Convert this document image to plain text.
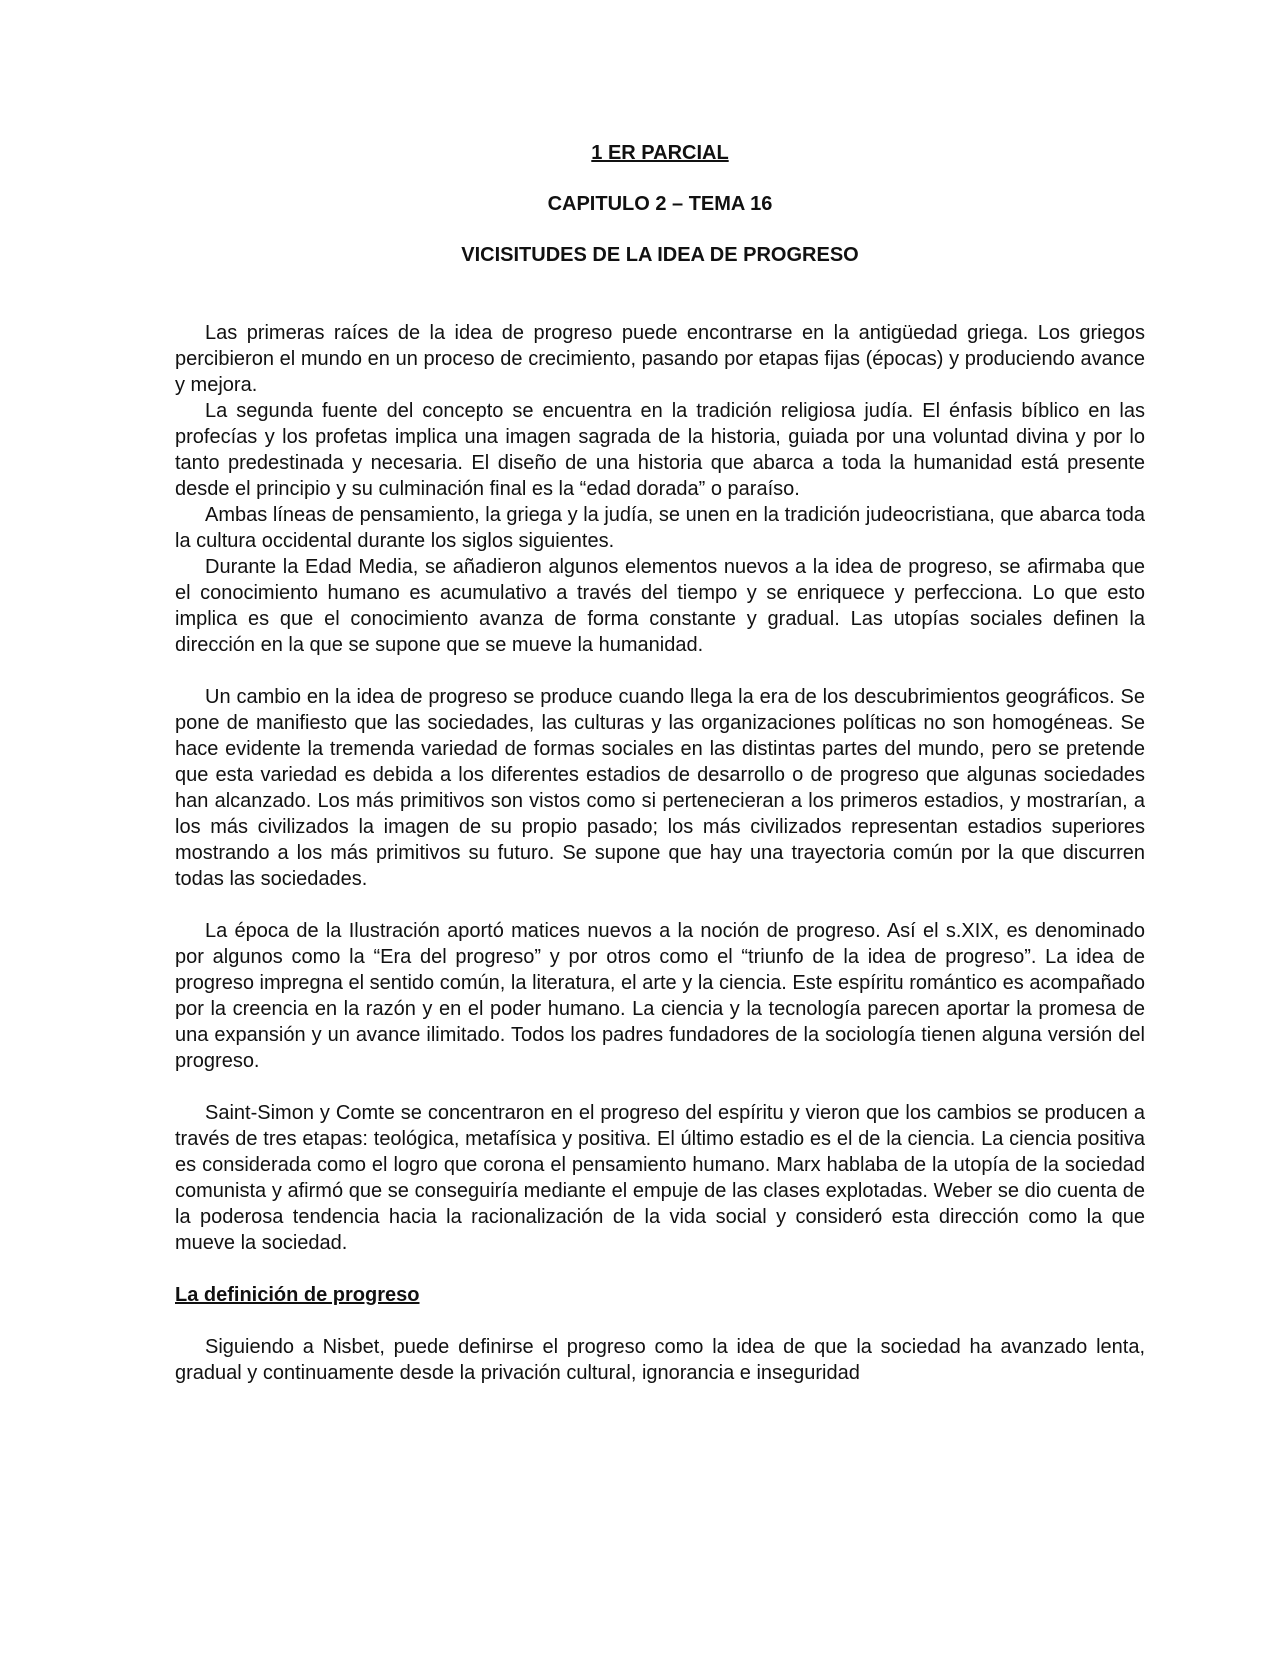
1 ER PARCIAL

CAPITULO 2 – TEMA 16

VICISITUDES DE LA IDEA DE PROGRESO

Las primeras raíces de la idea de progreso puede encontrarse en la antigüedad griega. Los griegos percibieron el mundo en un proceso de crecimiento, pasando por etapas fijas (épocas) y produciendo avance y mejora.

La segunda fuente del concepto se encuentra en la tradición religiosa judía. El énfasis bíblico en las profecías y los profetas implica una imagen sagrada de la historia, guiada por una voluntad divina y por lo tanto predestinada y necesaria. El diseño de una historia que abarca a toda la humanidad está presente desde el principio y su culminación final es la “edad dorada” o paraíso.

Ambas líneas de pensamiento, la griega y la judía, se unen en la tradición judeocristiana, que abarca toda la cultura occidental durante los siglos siguientes.

Durante la Edad Media, se añadieron algunos elementos nuevos a la idea de progreso, se afirmaba que el conocimiento humano es acumulativo a través del tiempo y se enriquece y perfecciona. Lo que esto implica es que el conocimiento avanza de forma constante y gradual. Las utopías sociales definen la dirección en la que se supone que se mueve la humanidad.

Un cambio en la idea de progreso se produce cuando llega la era de los descubrimientos geográficos. Se pone de manifiesto que las sociedades, las culturas y las organizaciones políticas no son homogéneas. Se hace evidente la tremenda variedad de formas sociales en las distintas partes del mundo, pero se pretende que esta variedad es debida a los diferentes estadios de desarrollo o de progreso que algunas sociedades han alcanzado. Los más primitivos son vistos como si pertenecieran a los primeros estadios, y mostrarían, a los más civilizados la imagen de su propio pasado; los más civilizados representan estadios superiores mostrando a los más primitivos su futuro. Se supone que hay una trayectoria común por la que discurren todas las sociedades.

La época de la Ilustración aportó matices nuevos a la noción de progreso. Así el s.XIX, es denominado por algunos como la “Era del progreso” y por otros como el “triunfo de la idea de progreso”. La idea de progreso impregna el sentido común, la literatura, el arte y la ciencia. Este espíritu romántico es acompañado por la creencia en la razón y en el poder humano. La ciencia y la tecnología parecen aportar la promesa de una expansión y un avance ilimitado. Todos los padres fundadores de la sociología tienen alguna versión del progreso.

Saint-Simon y Comte se concentraron en el progreso del espíritu y vieron que los cambios se producen a través de tres etapas: teológica, metafísica y positiva. El último estadio es el de la ciencia. La ciencia positiva es considerada como el logro que corona el pensamiento humano. Marx hablaba de la utopía de la sociedad comunista y afirmó que se conseguiría mediante el empuje de las clases explotadas. Weber se dio cuenta de la poderosa tendencia hacia la racionalización de la vida social y consideró esta dirección como la que mueve la sociedad.

La definición de progreso

Siguiendo a Nisbet, puede definirse el progreso como la idea de que la sociedad ha avanzado lenta, gradual y continuamente desde la privación cultural, ignorancia e inseguridad
